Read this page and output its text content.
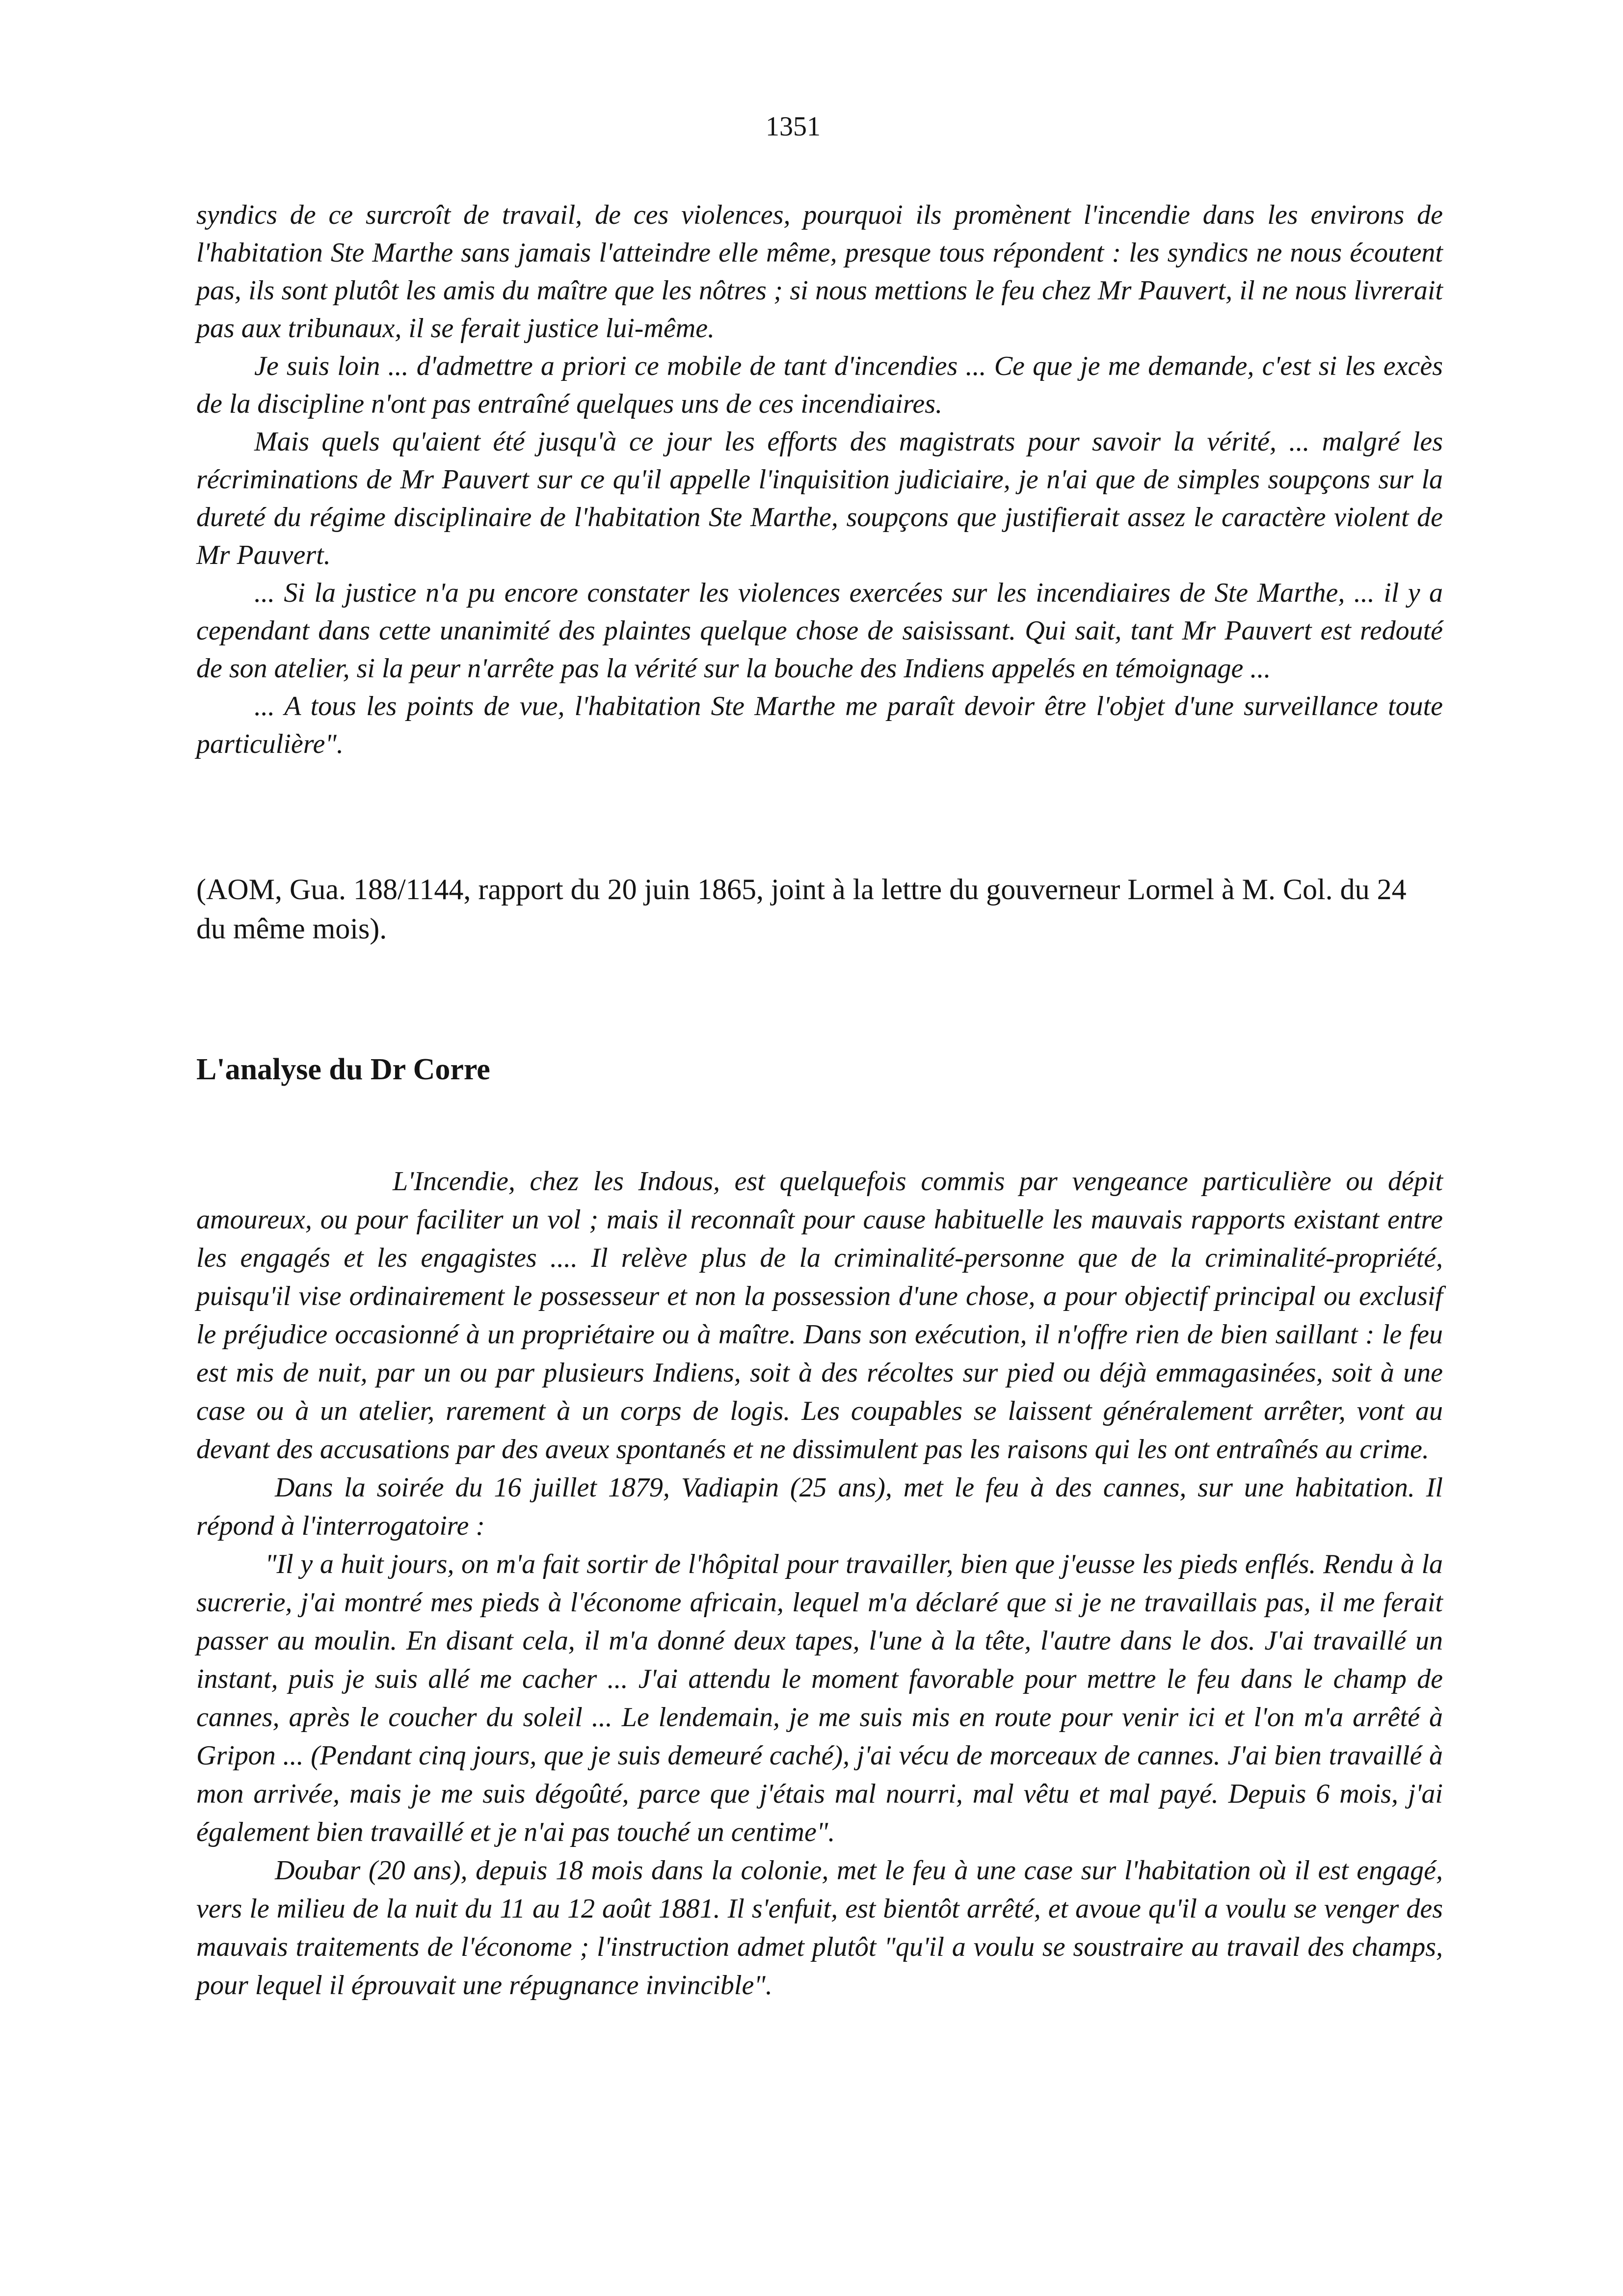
1351

syndics de ce surcroît de travail, de ces violences, pourquoi ils promènent l'incendie dans les environs de l'habitation Ste Marthe sans jamais l'atteindre elle même, presque tous répondent : les syndics ne nous écoutent pas, ils sont plutôt les amis du maître que les nôtres ; si nous mettions le feu chez Mr Pauvert, il ne nous livrerait pas aux tribunaux, il se ferait justice lui-même.

Je suis loin ... d'admettre a priori ce mobile de tant d'incendies ... Ce que je me demande, c'est si les excès de la discipline n'ont pas entraîné quelques uns de ces incendiaires.

Mais quels qu'aient été jusqu'à ce jour les efforts des magistrats pour savoir la vérité, ... malgré les récriminations de Mr Pauvert sur ce qu'il appelle l'inquisition judiciaire, je n'ai que de simples soupçons sur la dureté du régime disciplinaire de l'habitation Ste Marthe, soupçons que justifierait assez le caractère violent de Mr Pauvert.

... Si la justice n'a pu encore constater les violences exercées sur les incendiaires de Ste Marthe, ... il y a cependant dans cette unanimité des plaintes quelque chose de saisissant. Qui sait, tant Mr Pauvert est redouté de son atelier, si la peur n'arrête pas la vérité sur la bouche des Indiens appelés en témoignage ...

... A tous les points de vue, l'habitation Ste Marthe me paraît devoir être l'objet d'une surveillance toute particulière".

(AOM, Gua. 188/1144, rapport du 20 juin 1865, joint à la lettre du gouverneur Lormel à M. Col. du 24 du même mois).
L'analyse du Dr Corre

L'Incendie, chez les Indous, est quelquefois commis par vengeance particulière ou dépit amoureux, ou pour faciliter un vol ; mais il reconnaît pour cause habituelle les mauvais rapports existant entre les engagés et les engagistes .... Il relève plus de la criminalité-personne que de la criminalité-propriété, puisqu'il vise ordinairement le possesseur et non la possession d'une chose, a pour objectif principal ou exclusif le préjudice occasionné à un propriétaire ou à maître. Dans son exécution, il n'offre rien de bien saillant : le feu est mis de nuit, par un ou par plusieurs Indiens, soit à des récoltes sur pied ou déjà emmagasinées, soit à une case ou à un atelier, rarement à un corps de logis. Les coupables se laissent généralement arrêter, vont au devant des accusations par des aveux spontanés et ne dissimulent pas les raisons qui les ont entraînés au crime.

Dans la soirée du 16 juillet 1879, Vadiapin (25 ans), met le feu à des cannes, sur une habitation. Il répond à l'interrogatoire :

"Il y a huit jours, on m'a fait sortir de l'hôpital pour travailler, bien que j'eusse les pieds enflés. Rendu à la sucrerie, j'ai montré mes pieds à l'économe africain, lequel m'a déclaré que si je ne travaillais pas, il me ferait passer au moulin. En disant cela, il m'a donné deux tapes, l'une à la tête, l'autre dans le dos. J'ai travaillé un instant, puis je suis allé me cacher ... J'ai attendu le moment favorable pour mettre le feu dans le champ de cannes, après le coucher du soleil ... Le lendemain, je me suis mis en route pour venir ici et l'on m'a arrêté à Gripon ... (Pendant cinq jours, que je suis demeuré caché), j'ai vécu de morceaux de cannes. J'ai bien travaillé à mon arrivée, mais je me suis dégoûté, parce que j'étais mal nourri, mal vêtu et mal payé. Depuis 6 mois, j'ai également bien travaillé et je n'ai pas touché un centime".

Doubar (20 ans), depuis 18 mois dans la colonie, met le feu à une case sur l'habitation où il est engagé, vers le milieu de la nuit du 11 au 12 août 1881. Il s'enfuit, est bientôt arrêté, et avoue qu'il a voulu se venger des mauvais traitements de l'économe ; l'instruction admet plutôt "qu'il a voulu se soustraire au travail des champs, pour lequel il éprouvait une répugnance invincible".
